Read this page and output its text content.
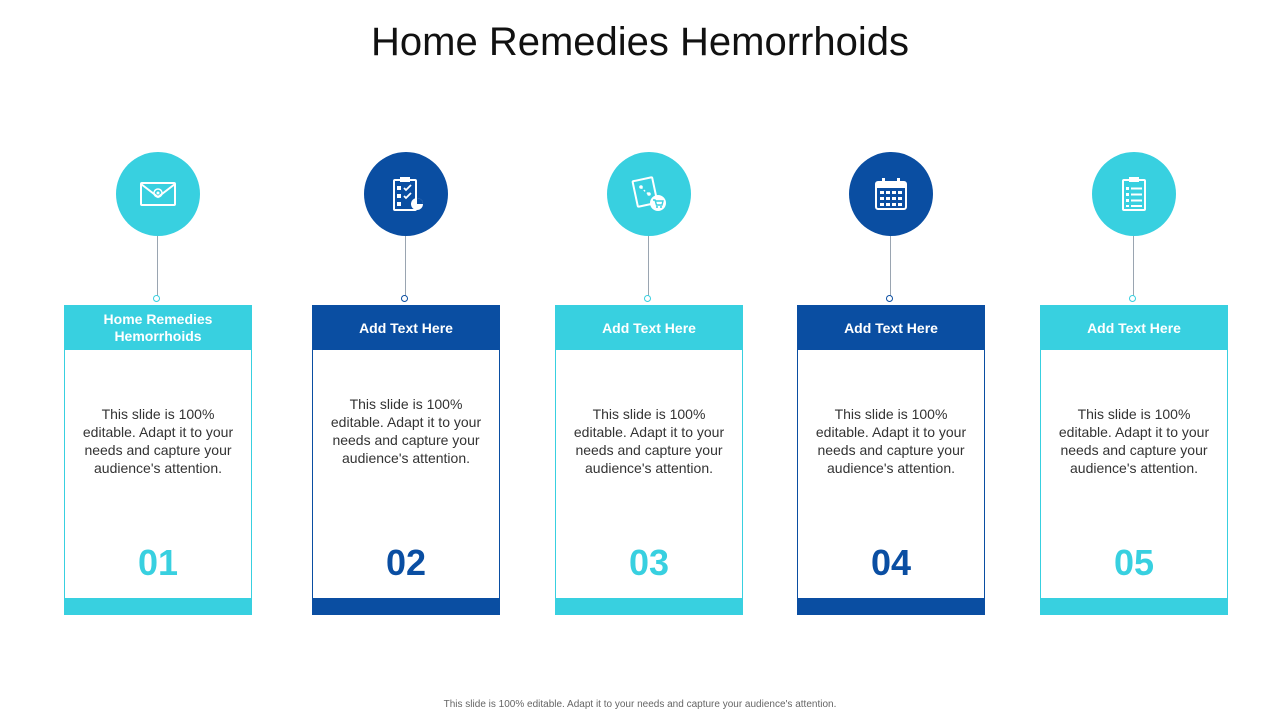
Home Remedies Hemorrhoids
Home Remedies Hemorrhoids
This slide is 100% editable. Adapt it to your needs and capture your audience's attention.
01
Add Text Here
This slide is 100% editable. Adapt it to your needs and capture your audience's attention.
02
Add Text Here
This slide is 100% editable. Adapt it to your needs and capture your audience's attention.
03
Add Text Here
This slide is 100% editable. Adapt it to your needs and capture your audience's attention.
04
Add Text Here
This slide is 100% editable. Adapt it to your needs and capture your audience's attention.
05
This slide is 100% editable. Adapt it to your needs and capture your audience's attention.
